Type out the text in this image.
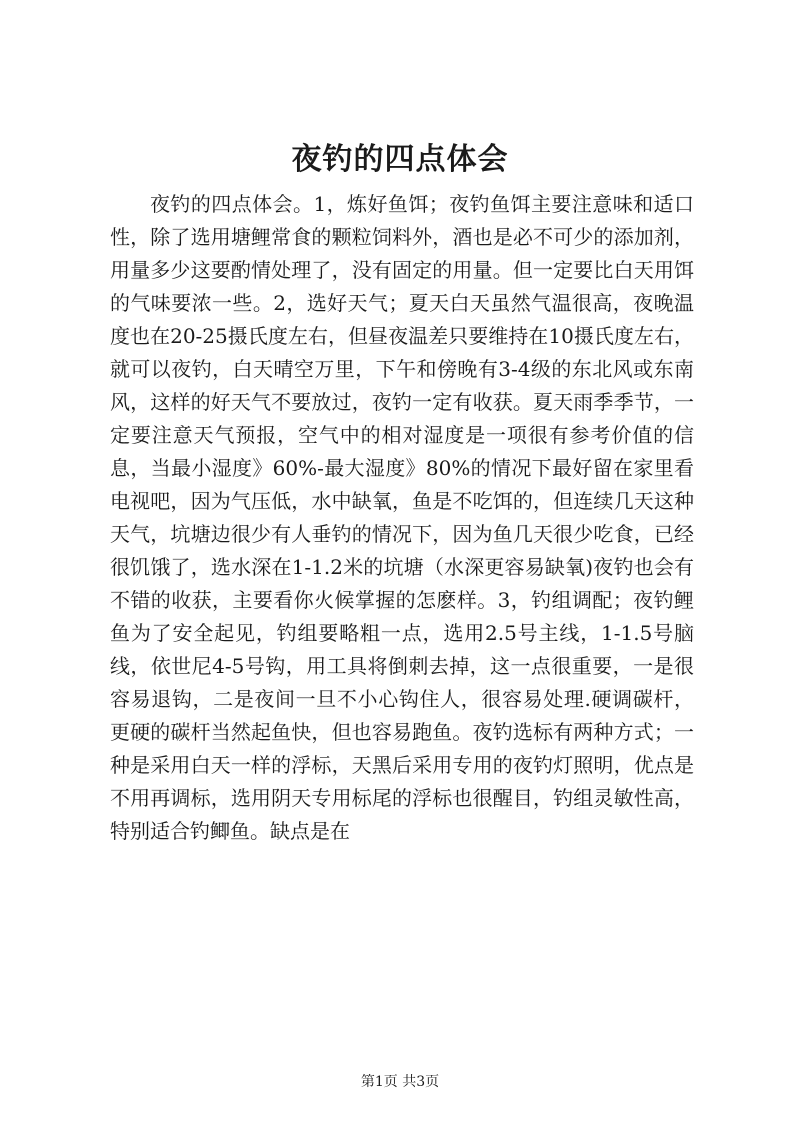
夜钓的四点体会

夜钓的四点体会。1，炼好鱼饵；夜钓鱼饵主要注意味和适口性，除了选用塘鲤常食的颗粒饲料外，酒也是必不可少的添加剂，用量多少这要酌情处理了，没有固定的用量。但一定要比白天用饵的气味要浓一些。2，选好天气；夏天白天虽然气温很高，夜晚温度也在20-25摄氏度左右，但昼夜温差只要维持在10摄氏度左右，就可以夜钓，白天晴空万里，下午和傍晚有3-4级的东北风或东南风，这样的好天气不要放过，夜钓一定有收获。夏天雨季季节，一定要注意天气预报，空气中的相对湿度是一项很有参考价值的信息，当最小湿度》60%-最大湿度》80%的情况下最好留在家里看电视吧，因为气压低，水中缺氧，鱼是不吃饵的，但连续几天这种天气，坑塘边很少有人垂钓的情况下，因为鱼几天很少吃食，已经很饥饿了，选水深在1-1.2米的坑塘（水深更容易缺氧)夜钓也会有不错的收获，主要看你火候掌握的怎麽样。3，钓组调配；夜钓鲤鱼为了安全起见，钓组要略粗一点，选用2.5号主线，1-1.5号脑线，依世尼4-5号钩，用工具将倒刺去掉，这一点很重要，一是很容易退钩，二是夜间一旦不小心钩住人，很容易处理.硬调碳杆，更硬的碳杆当然起鱼快，但也容易跑鱼。夜钓选标有两种方式；一种是采用白天一样的浮标，天黑后采用专用的夜钓灯照明，优点是不用再调标，选用阴天专用标尾的浮标也很醒目，钓组灵敏性高，特别适合钓鲫鱼。缺点是在

第1页 共3页
